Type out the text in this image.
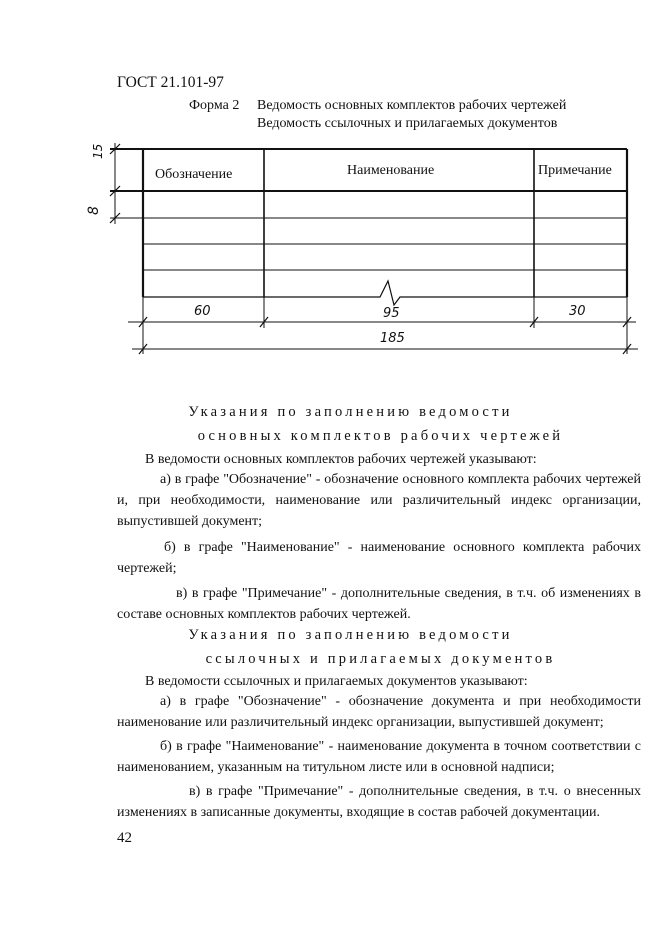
ГОСТ 21.101-97
Форма 2 Ведомость основных комплектов рабочих чертежей
Ведомость ссылочных и прилагаемых документов
Обозначение	Наименование	Примечание
15
8
60	95	30
185
Указания по заполнению ведомости
основных комплектов рабочих чертежей
В ведомости основных комплектов рабочих чертежей указывают:
а) в графе "Обозначение" - обозначение основного комплекта рабочих чертежей и, при необходимости, наименование или различительный индекс организации, выпустившей документ;
б) в графе "Наименование" - наименование основного комплекта рабочих чертежей;
в) в графе "Примечание" - дополнительные сведения, в т.ч. об изменениях в составе основных комплектов рабочих чертежей.
Указания по заполнению ведомости
ссылочных и прилагаемых документов
В ведомости ссылочных и прилагаемых документов указывают:
а) в графе "Обозначение" - обозначение документа и при необходимости наименование или различительный индекс организации, выпустившей документ;
б) в графе "Наименование" - наименование документа в точном соответствии с наименованием, указанным на титульном листе или в основной надписи;
в) в графе "Примечание" - дополнительные сведения, в т.ч. о внесенных изменениях в записанные документы, входящие в состав рабочей документации.
42
